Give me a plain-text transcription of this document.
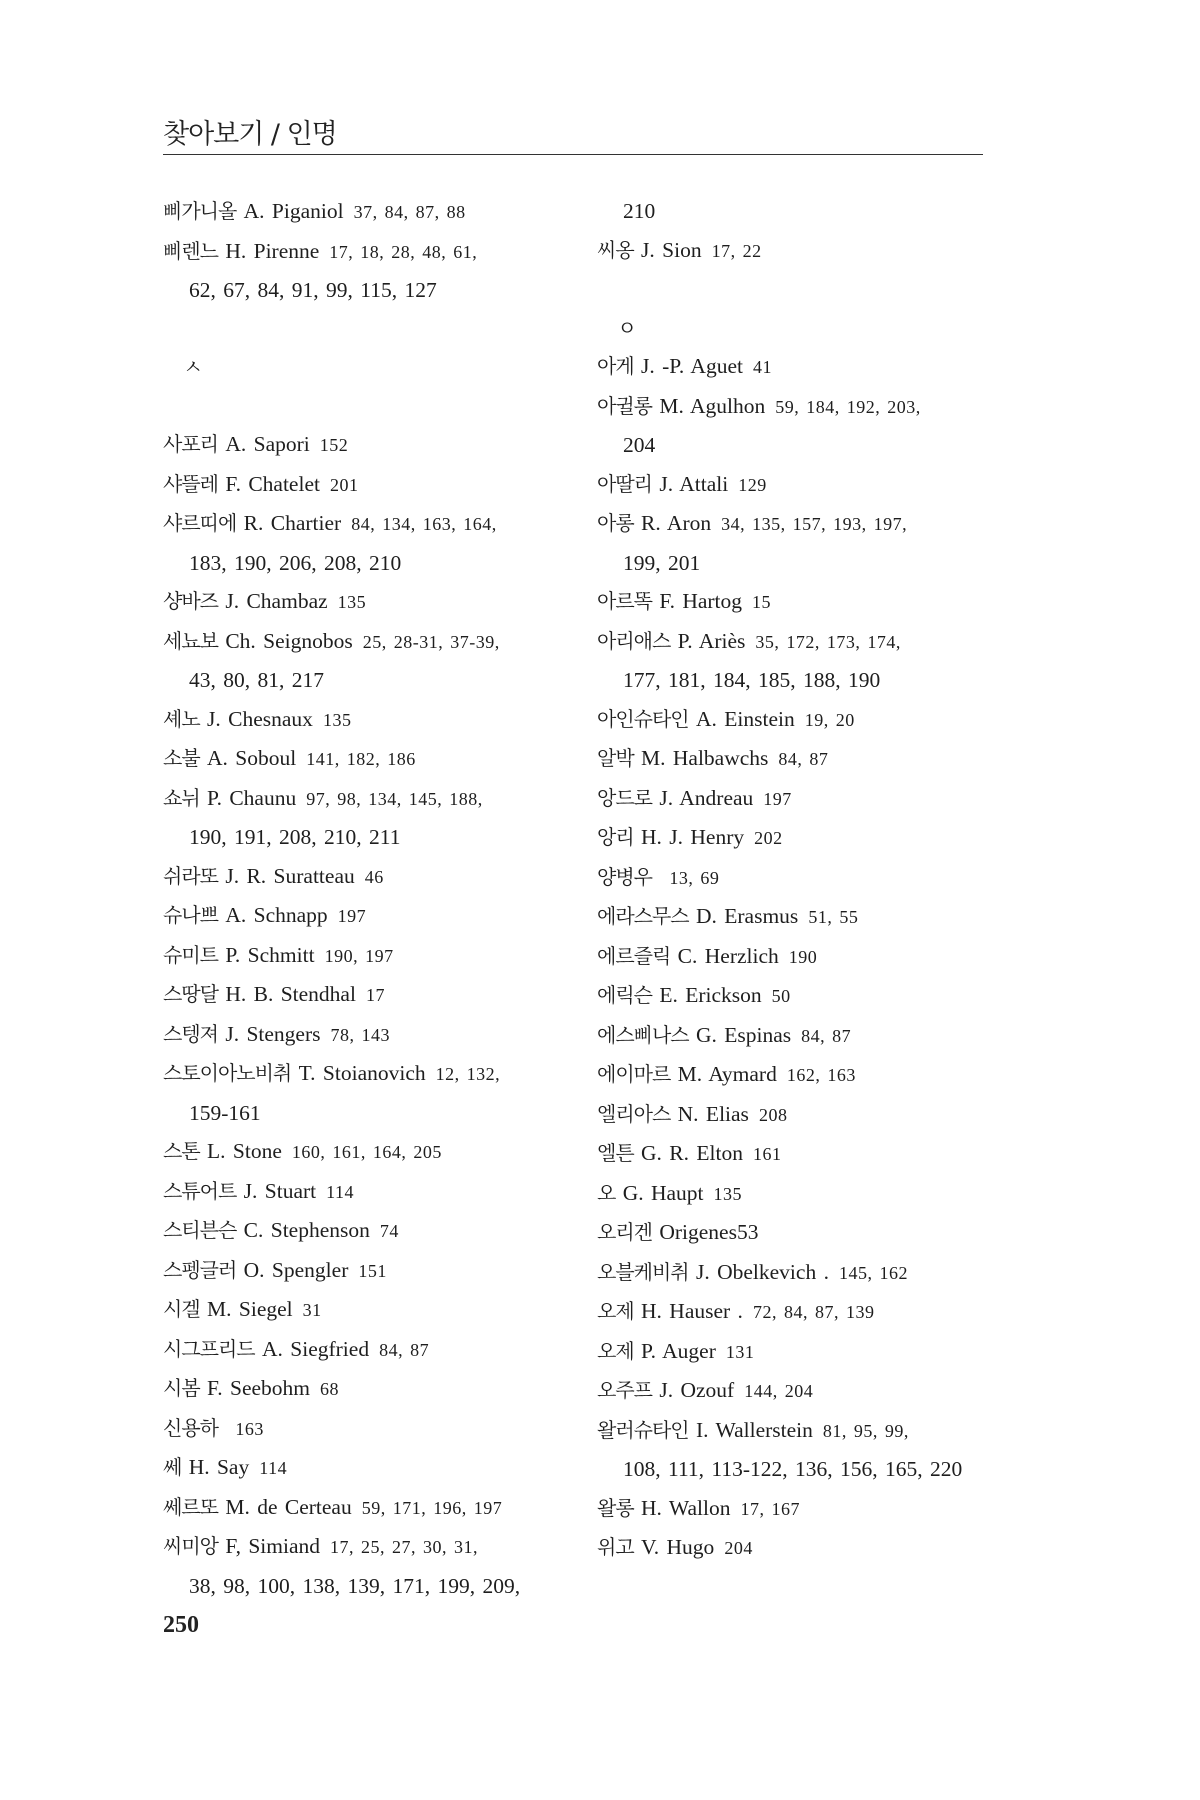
찾아보기 / 인명

삐가니올 A. Piganiol 37, 84, 87, 88

삐렌느 H. Pirenne 17, 18, 28, 48, 61,

62, 67, 84, 91, 99, 115, 127

ㅅ

사포리 A. Sapori 152

샤뜰레 F. Chatelet 201

샤르띠에 R. Chartier 84, 134, 163, 164,

183, 190, 206, 208, 210

샹바즈 J. Chambaz 135

세뇨보 Ch. Seignobos 25, 28-31, 37-39,

43, 80, 81, 217

셰노 J. Chesnaux 135

소불 A. Soboul 141, 182, 186

쇼뉘 P. Chaunu 97, 98, 134, 145, 188,

190, 191, 208, 210, 211

쉬라또 J. R. Suratteau 46

슈나쁘 A. Schnapp 197

슈미트 P. Schmitt 190, 197

스땅달 H. B. Stendhal 17

스텡져 J. Stengers 78, 143

스토이아노비취 T. Stoianovich 12, 132,

159-161

스톤 L. Stone 160, 161, 164, 205

스튜어트 J. Stuart 114

스티븐슨 C. Stephenson 74

스펭글러 O. Spengler 151

시겔 M. Siegel 31

시그프리드 A. Siegfried 84, 87

시봄 F. Seebohm 68

신용하 163

쎄 H. Say 114

쎄르또 M. de Certeau 59, 171, 196, 197

씨미앙 F, Simiand 17, 25, 27, 30, 31,

38, 98, 100, 138, 139, 171, 199, 209,

210

씨옹 J. Sion 17, 22

ㅇ

아게 J. -P. Aguet 41

아귈롱 M. Agulhon 59, 184, 192, 203,

204

아딸리 J. Attali 129

아롱 R. Aron 34, 135, 157, 193, 197,

199, 201

아르똑 F. Hartog 15

아리애스 P. Ariès 35, 172, 173, 174,

177, 181, 184, 185, 188, 190

아인슈타인 A. Einstein 19, 20

알박 M. Halbawchs 84, 87

앙드로 J. Andreau 197

앙리 H. J. Henry 202

양병우 13, 69

에라스무스 D. Erasmus 51, 55

에르즐릭 C. Herzlich 190

에릭슨 E. Erickson 50

에스삐나스 G. Espinas 84, 87

에이마르 M. Aymard 162, 163

엘리아스 N. Elias 208

엘튼 G. R. Elton 161

오 G. Haupt 135

오리겐 Origenes53

오블케비취 J. Obelkevich . 145, 162

오제 H. Hauser . 72, 84, 87, 139

오제 P. Auger 131

오주프 J. Ozouf 144, 204

왈러슈타인 I. Wallerstein 81, 95, 99,

108, 111, 113-122, 136, 156, 165, 220

왈롱 H. Wallon 17, 167

위고 V. Hugo 204

250
